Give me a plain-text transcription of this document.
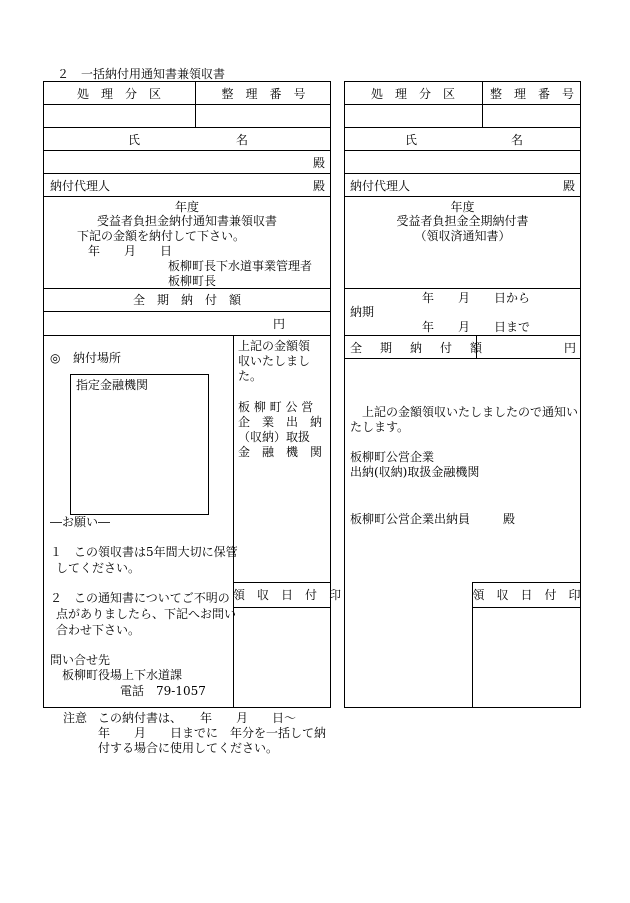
２　一括納付用通知書兼領収書
処　理　分　区	整　理　番　号
氏	名
殿
納付代理人	殿
年度
受益者負担金納付通知書兼領収書
下記の金額を納付して下さい。
年　　月　　日
板柳町長下水道事業管理者
板柳町長
全　期　納　付　額
円
◎ 納付場所
指定金融機関
上記の金額領
収いたしまし
た。
板 柳 町 公 営
企　業　出　納
（収納）取扱
金　融　機　関
―お願い―
１　この領収書は5年間大切に保管
してください。
２　この通知書についてご不明の
点がありましたら、下記へお問い
合わせ下さい。
問い合せ先
板柳町役場上下水道課
電話　79-1057
領　収　日　付　印
処　理　分　区	整　理　番　号
氏	名
納付代理人	殿
年度
受益者負担金全期納付書
（領収済通知書）
年　　月　　日から
納期
年　　月　　日まで
全　期　納　付　額	円
上記の金額領収いたしましたので通知い
たします。
板柳町公営企業
出納(収納)取扱金融機関
板柳町公営企業出納員	殿
領　収　日　付　印
注意 この納付書は、　　年　　月　　日～
年　　月　　日までに　年分を一括して納
付する場合に使用してください。
